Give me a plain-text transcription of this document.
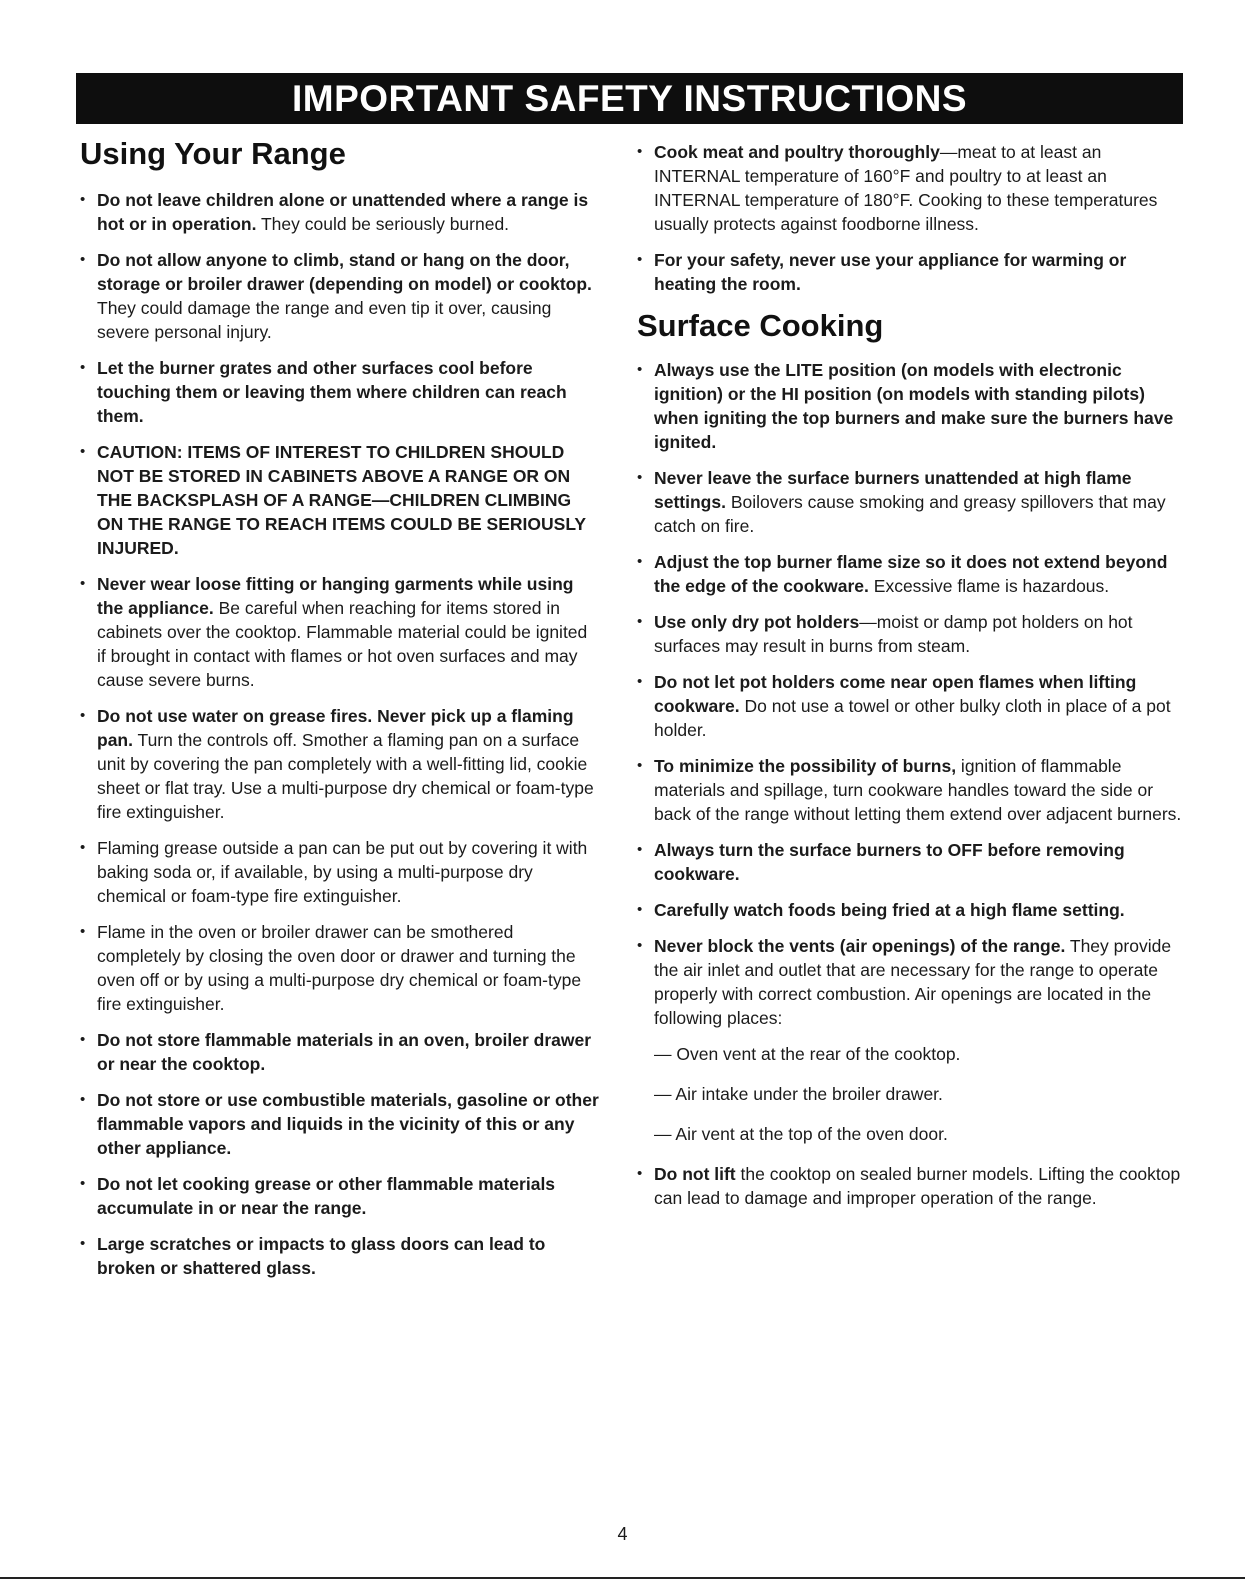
IMPORTANT SAFETY INSTRUCTIONS
Using Your Range
• Do not leave children alone or unattended where a range is hot or in operation. They could be seriously burned.
• Do not allow anyone to climb, stand or hang on the door, storage or broiler drawer (depending on model) or cooktop. They could damage the range and even tip it over, causing severe personal injury.
• Let the burner grates and other surfaces cool before touching them or leaving them where children can reach them.
• CAUTION: ITEMS OF INTEREST TO CHILDREN SHOULD NOT BE STORED IN CABINETS ABOVE A RANGE OR ON THE BACKSPLASH OF A RANGE—CHILDREN CLIMBING ON THE RANGE TO REACH ITEMS COULD BE SERIOUSLY INJURED.
• Never wear loose fitting or hanging garments while using the appliance. Be careful when reaching for items stored in cabinets over the cooktop. Flammable material could be ignited if brought in contact with flames or hot oven surfaces and may cause severe burns.
• Do not use water on grease fires. Never pick up a flaming pan. Turn the controls off. Smother a flaming pan on a surface unit by covering the pan completely with a well-fitting lid, cookie sheet or flat tray. Use a multi-purpose dry chemical or foam-type fire extinguisher.
• Flaming grease outside a pan can be put out by covering it with baking soda or, if available, by using a multi-purpose dry chemical or foam-type fire extinguisher.
• Flame in the oven or broiler drawer can be smothered completely by closing the oven door or drawer and turning the oven off or by using a multi-purpose dry chemical or foam-type fire extinguisher.
• Do not store flammable materials in an oven, broiler drawer or near the cooktop.
• Do not store or use combustible materials, gasoline or other flammable vapors and liquids in the vicinity of this or any other appliance.
• Do not let cooking grease or other flammable materials accumulate in or near the range.
• Large scratches or impacts to glass doors can lead to broken or shattered glass.
• Cook meat and poultry thoroughly—meat to at least an INTERNAL temperature of 160°F and poultry to at least an INTERNAL temperature of 180°F. Cooking to these temperatures usually protects against foodborne illness.
• For your safety, never use your appliance for warming or heating the room.
Surface Cooking
• Always use the LITE position (on models with electronic ignition) or the HI position (on models with standing pilots) when igniting the top burners and make sure the burners have ignited.
• Never leave the surface burners unattended at high flame settings. Boilovers cause smoking and greasy spillovers that may catch on fire.
• Adjust the top burner flame size so it does not extend beyond the edge of the cookware. Excessive flame is hazardous.
• Use only dry pot holders—moist or damp pot holders on hot surfaces may result in burns from steam.
• Do not let pot holders come near open flames when lifting cookware. Do not use a towel or other bulky cloth in place of a pot holder.
• To minimize the possibility of burns, ignition of flammable materials and spillage, turn cookware handles toward the side or back of the range without letting them extend over adjacent burners.
• Always turn the surface burners to OFF before removing cookware.
• Carefully watch foods being fried at a high flame setting.
• Never block the vents (air openings) of the range. They provide the air inlet and outlet that are necessary for the range to operate properly with correct combustion. Air openings are located in the following places:
— Oven vent at the rear of the cooktop.
— Air intake under the broiler drawer.
— Air vent at the top of the oven door.
• Do not lift the cooktop on sealed burner models. Lifting the cooktop can lead to damage and improper operation of the range.
4
